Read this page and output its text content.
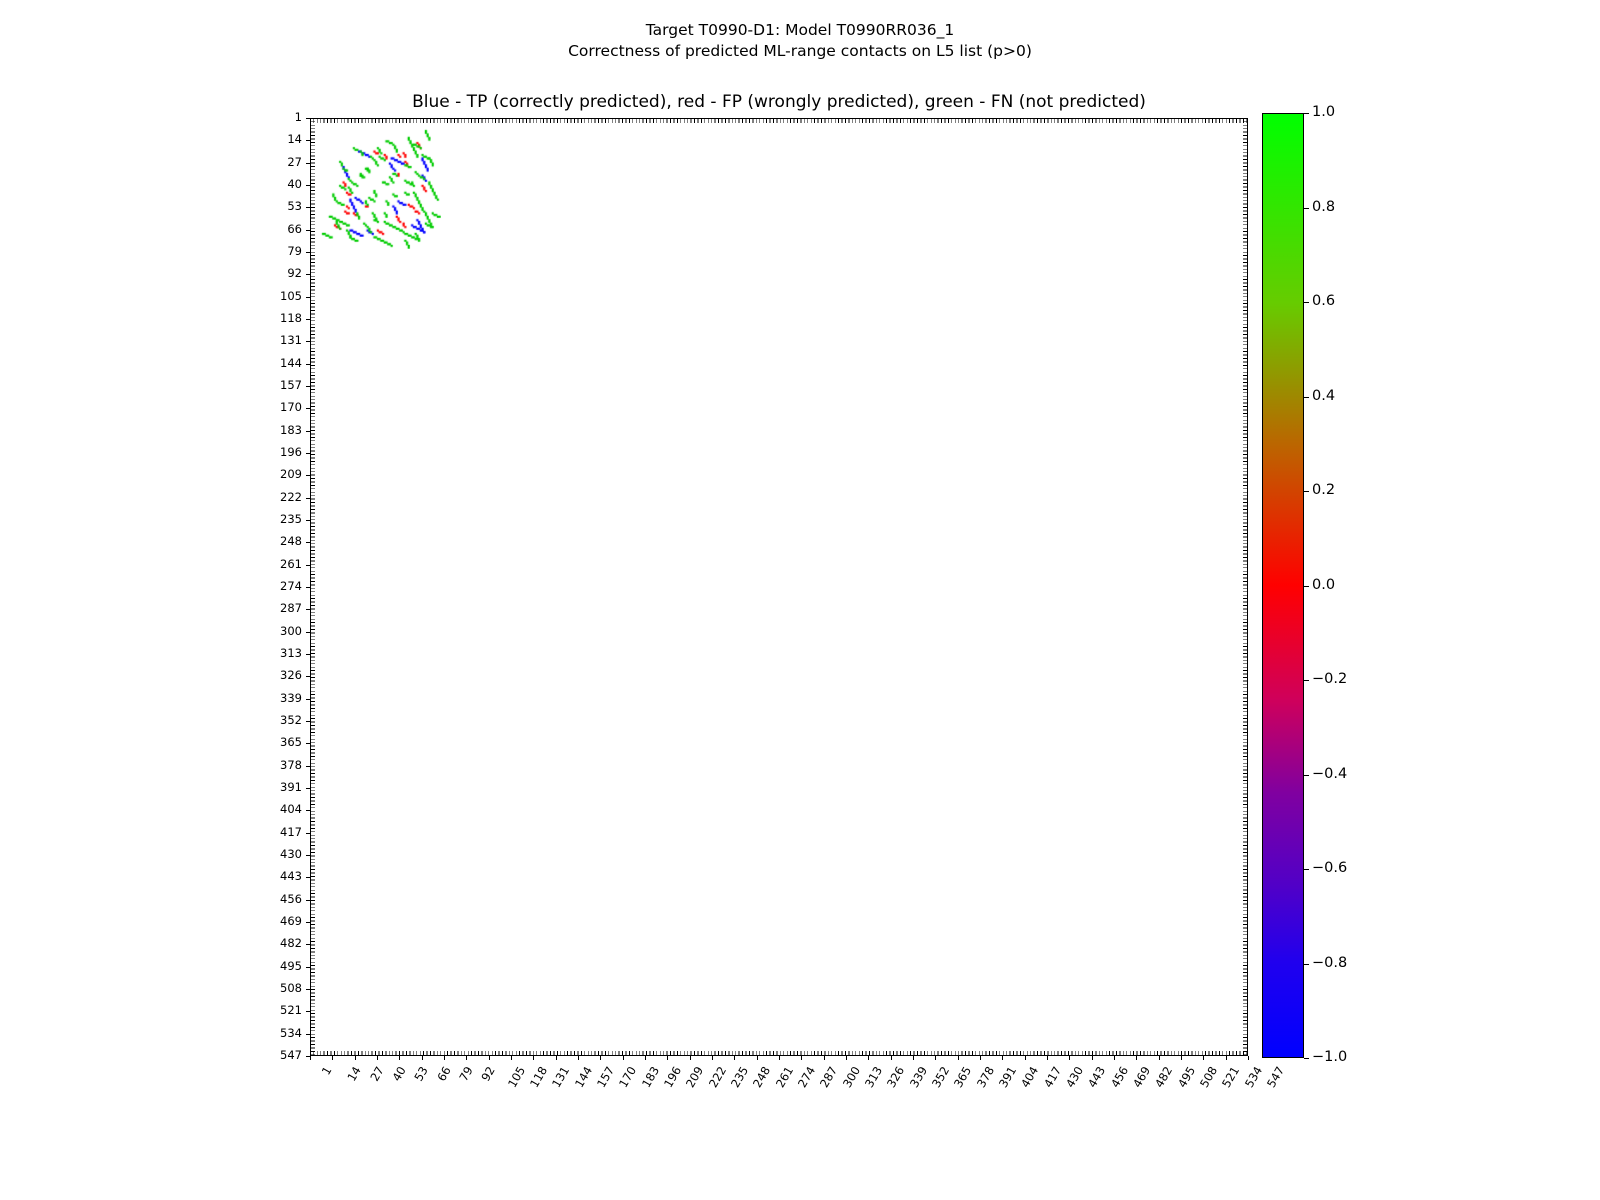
Target T0990-D1: Model T0990RR036_1
Correctness of predicted ML-range contacts on L5 list (p>0)
Blue - TP (correctly predicted), red - FP (wrongly predicted), green - FN (not predicted)
1
14
27
40
53
66
79
92
105
118
131
144
157
170
183
196
209
222
235
248
261
274
287
300
313
326
339
352
365
378
391
404
417
430
443
456
469
482
495
508
521
534
547
1 14 27 40 53 66 79 92 105 118 131 144 157 170 183 196 209 222 235 248 261 274 287 300 313 326 339 352 365 378 391 404 417 430 443 456 469 482 495 508 521 534 547
1.0
0.8
0.6
0.4
0.2
0.0
−0.2
−0.4
−0.6
−0.8
−1.0
